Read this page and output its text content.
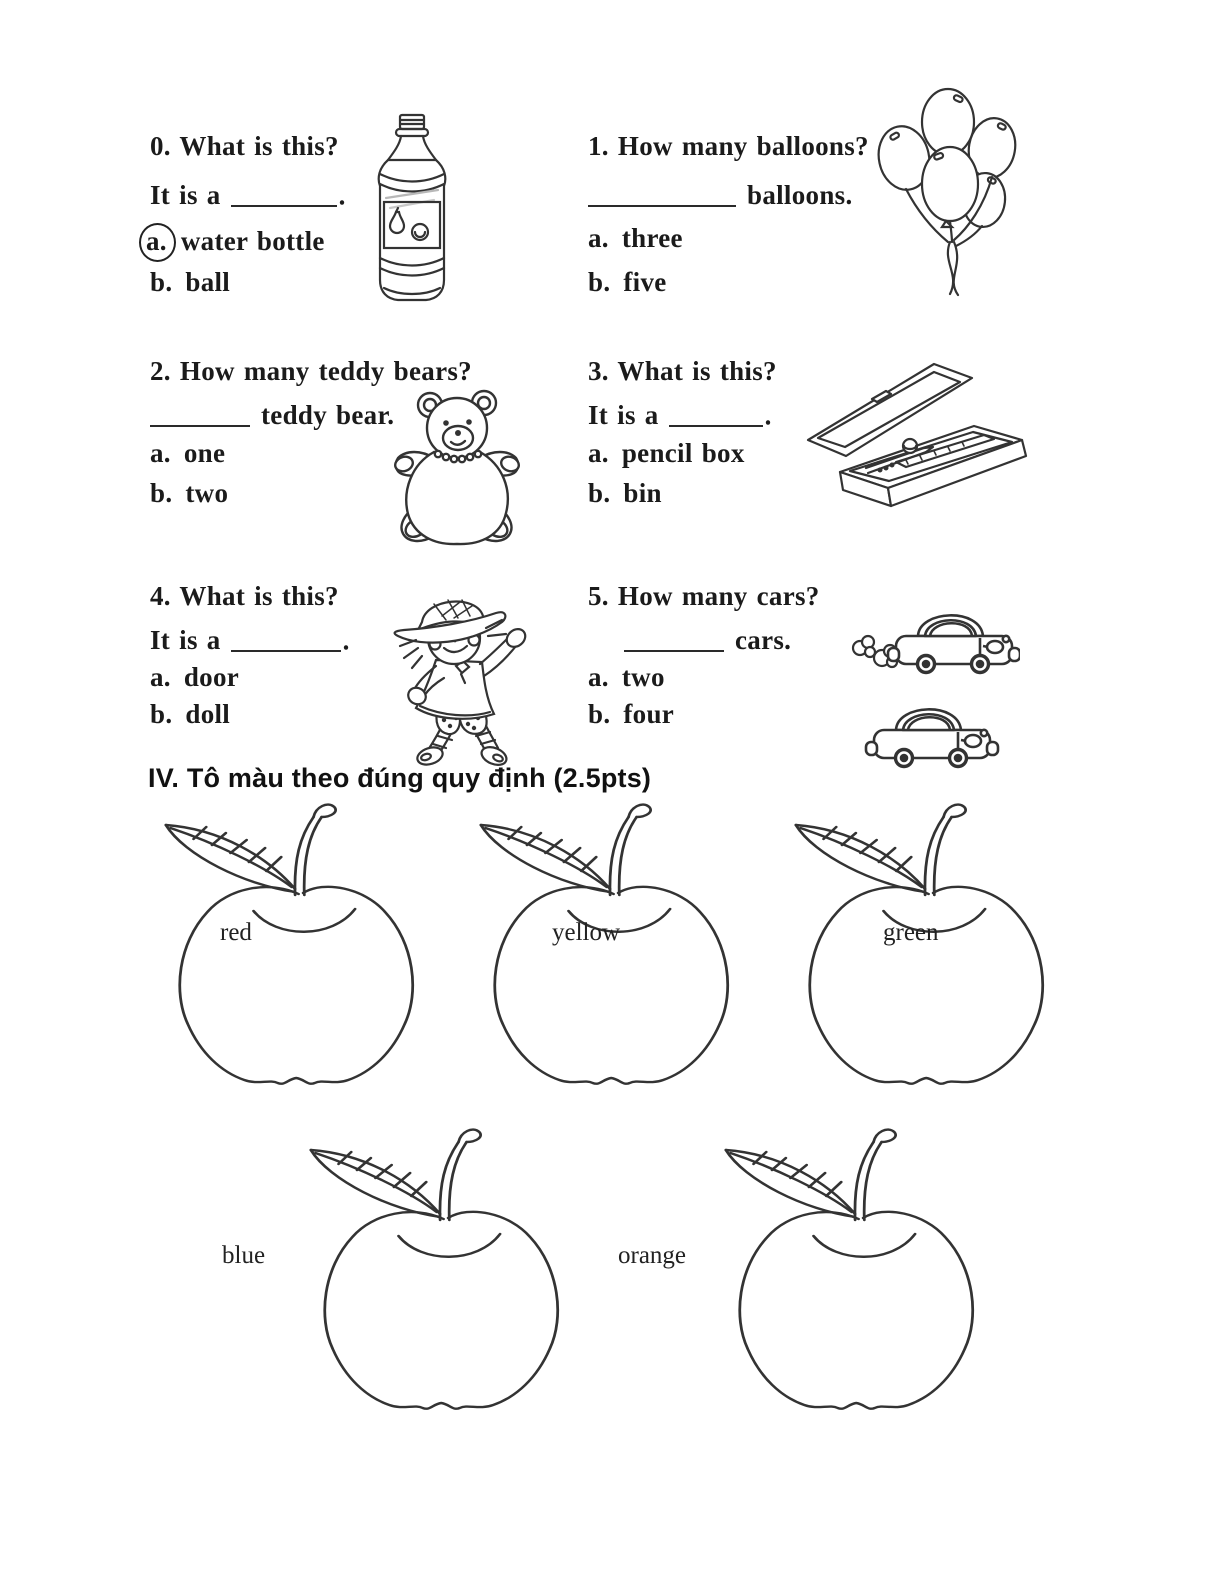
0. What is this?
It is a	.
a. water bottle
b. ball
1. How many balloons?
balloons.
a. three
b. five
2. How many teddy bears?
teddy bear.
a. one
b. two
3. What is this?
It is a	.
a. pencil box
b. bin
4. What is this?
It is a	.
a. door
b. doll
5. How many cars?
cars.
a. two
b. four
IV. Tô màu theo đúng quy định (2.5pts)
red	yellow	green
blue	orange
